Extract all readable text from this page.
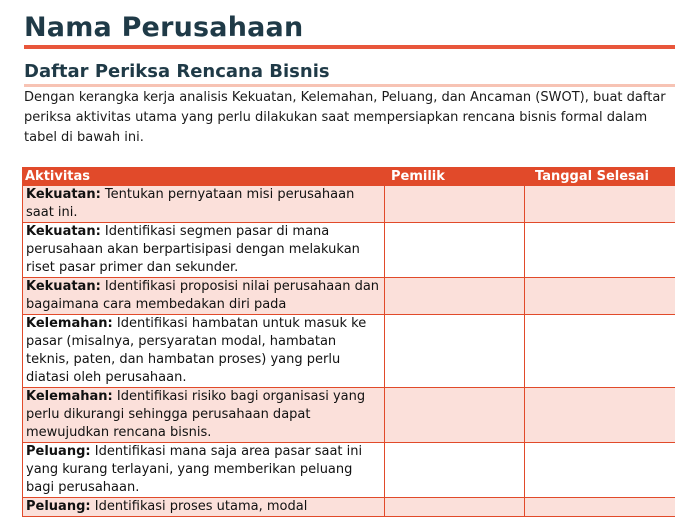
Nama Perusahaan
Daftar Periksa Rencana Bisnis

Dengan kerangka kerja analisis Kekuatan, Kelemahan, Peluang, dan Ancaman (SWOT), buat daftar periksa aktivitas utama yang perlu dilakukan saat mempersiapkan rencana bisnis formal dalam tabel di bawah ini.

Aktivitas	Pemilik	Tanggal Selesai
Kekuatan: Tentukan pernyataan misi perusahaan saat ini.		
Kekuatan: Identifikasi segmen pasar di mana perusahaan akan berpartisipasi dengan melakukan riset pasar primer dan sekunder.		
Kekuatan: Identifikasi proposisi nilai perusahaan dan bagaimana cara membedakan diri pada		
Kelemahan: Identifikasi hambatan untuk masuk ke pasar (misalnya, persyaratan modal, hambatan teknis, paten, dan hambatan proses) yang perlu diatasi oleh perusahaan.		
Kelemahan: Identifikasi risiko bagi organisasi yang perlu dikurangi sehingga perusahaan dapat mewujudkan rencana bisnis.		
Peluang: Identifikasi mana saja area pasar saat ini yang kurang terlayani, yang memberikan peluang bagi perusahaan.		
Peluang: Identifikasi proses utama, modal		
